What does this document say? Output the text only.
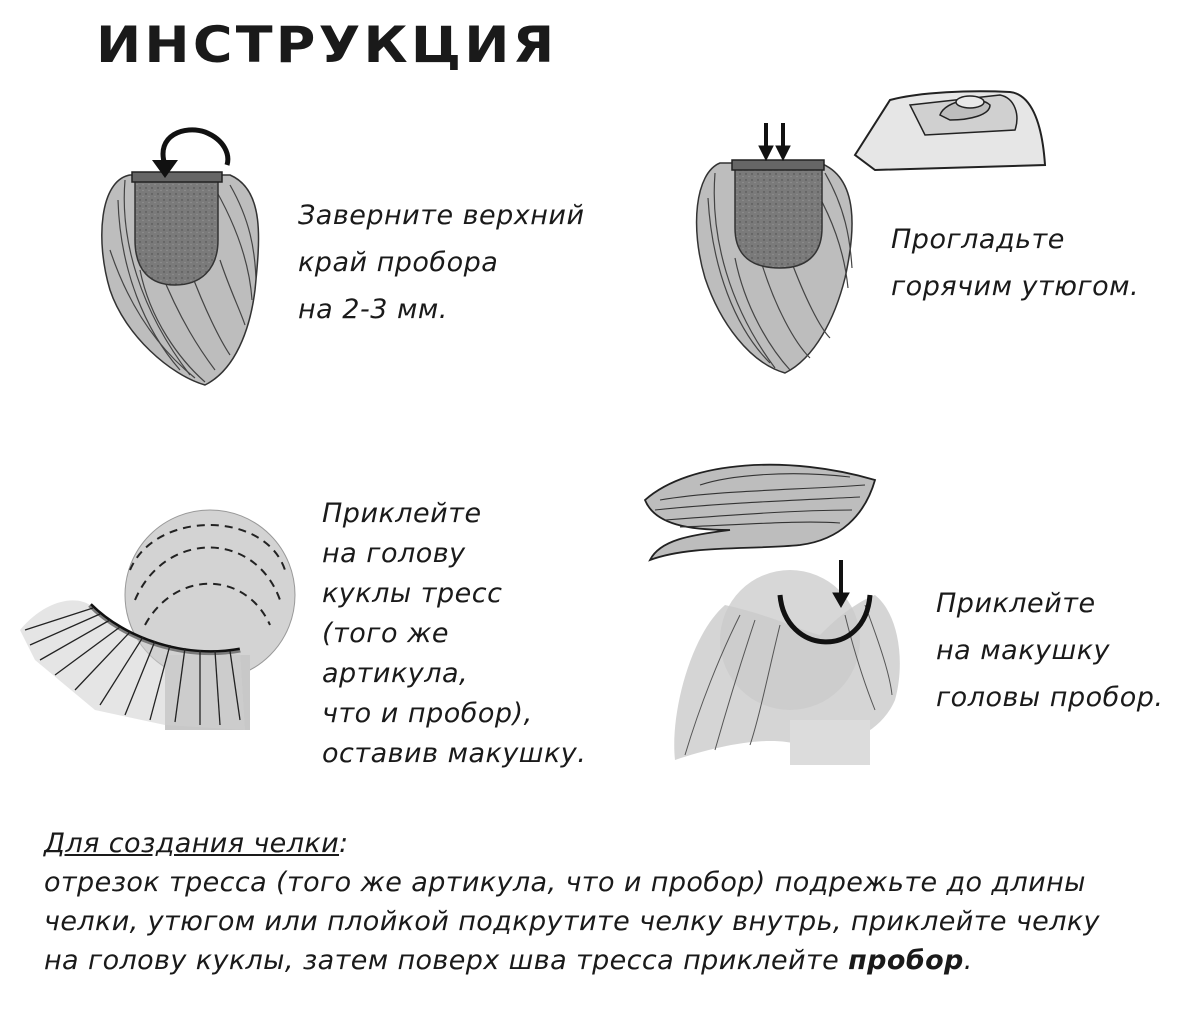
ИНСТРУКЦИЯ
Заверните верхний
край пробора
на 2-3 мм.
Прогладьте
горячим утюгом.
Приклейте
на голову
куклы тресс
(того же
артикула,
что и пробор),
оставив макушку.
Приклейте
на макушку
головы пробор.
Для создания челки:
отрезок тресса (того же артикула, что и пробор) подрежьте до длины
челки, утюгом или плойкой подкрутите челку внутрь, приклейте челку
на голову куклы, затем поверх шва тресса приклейте пробор.
